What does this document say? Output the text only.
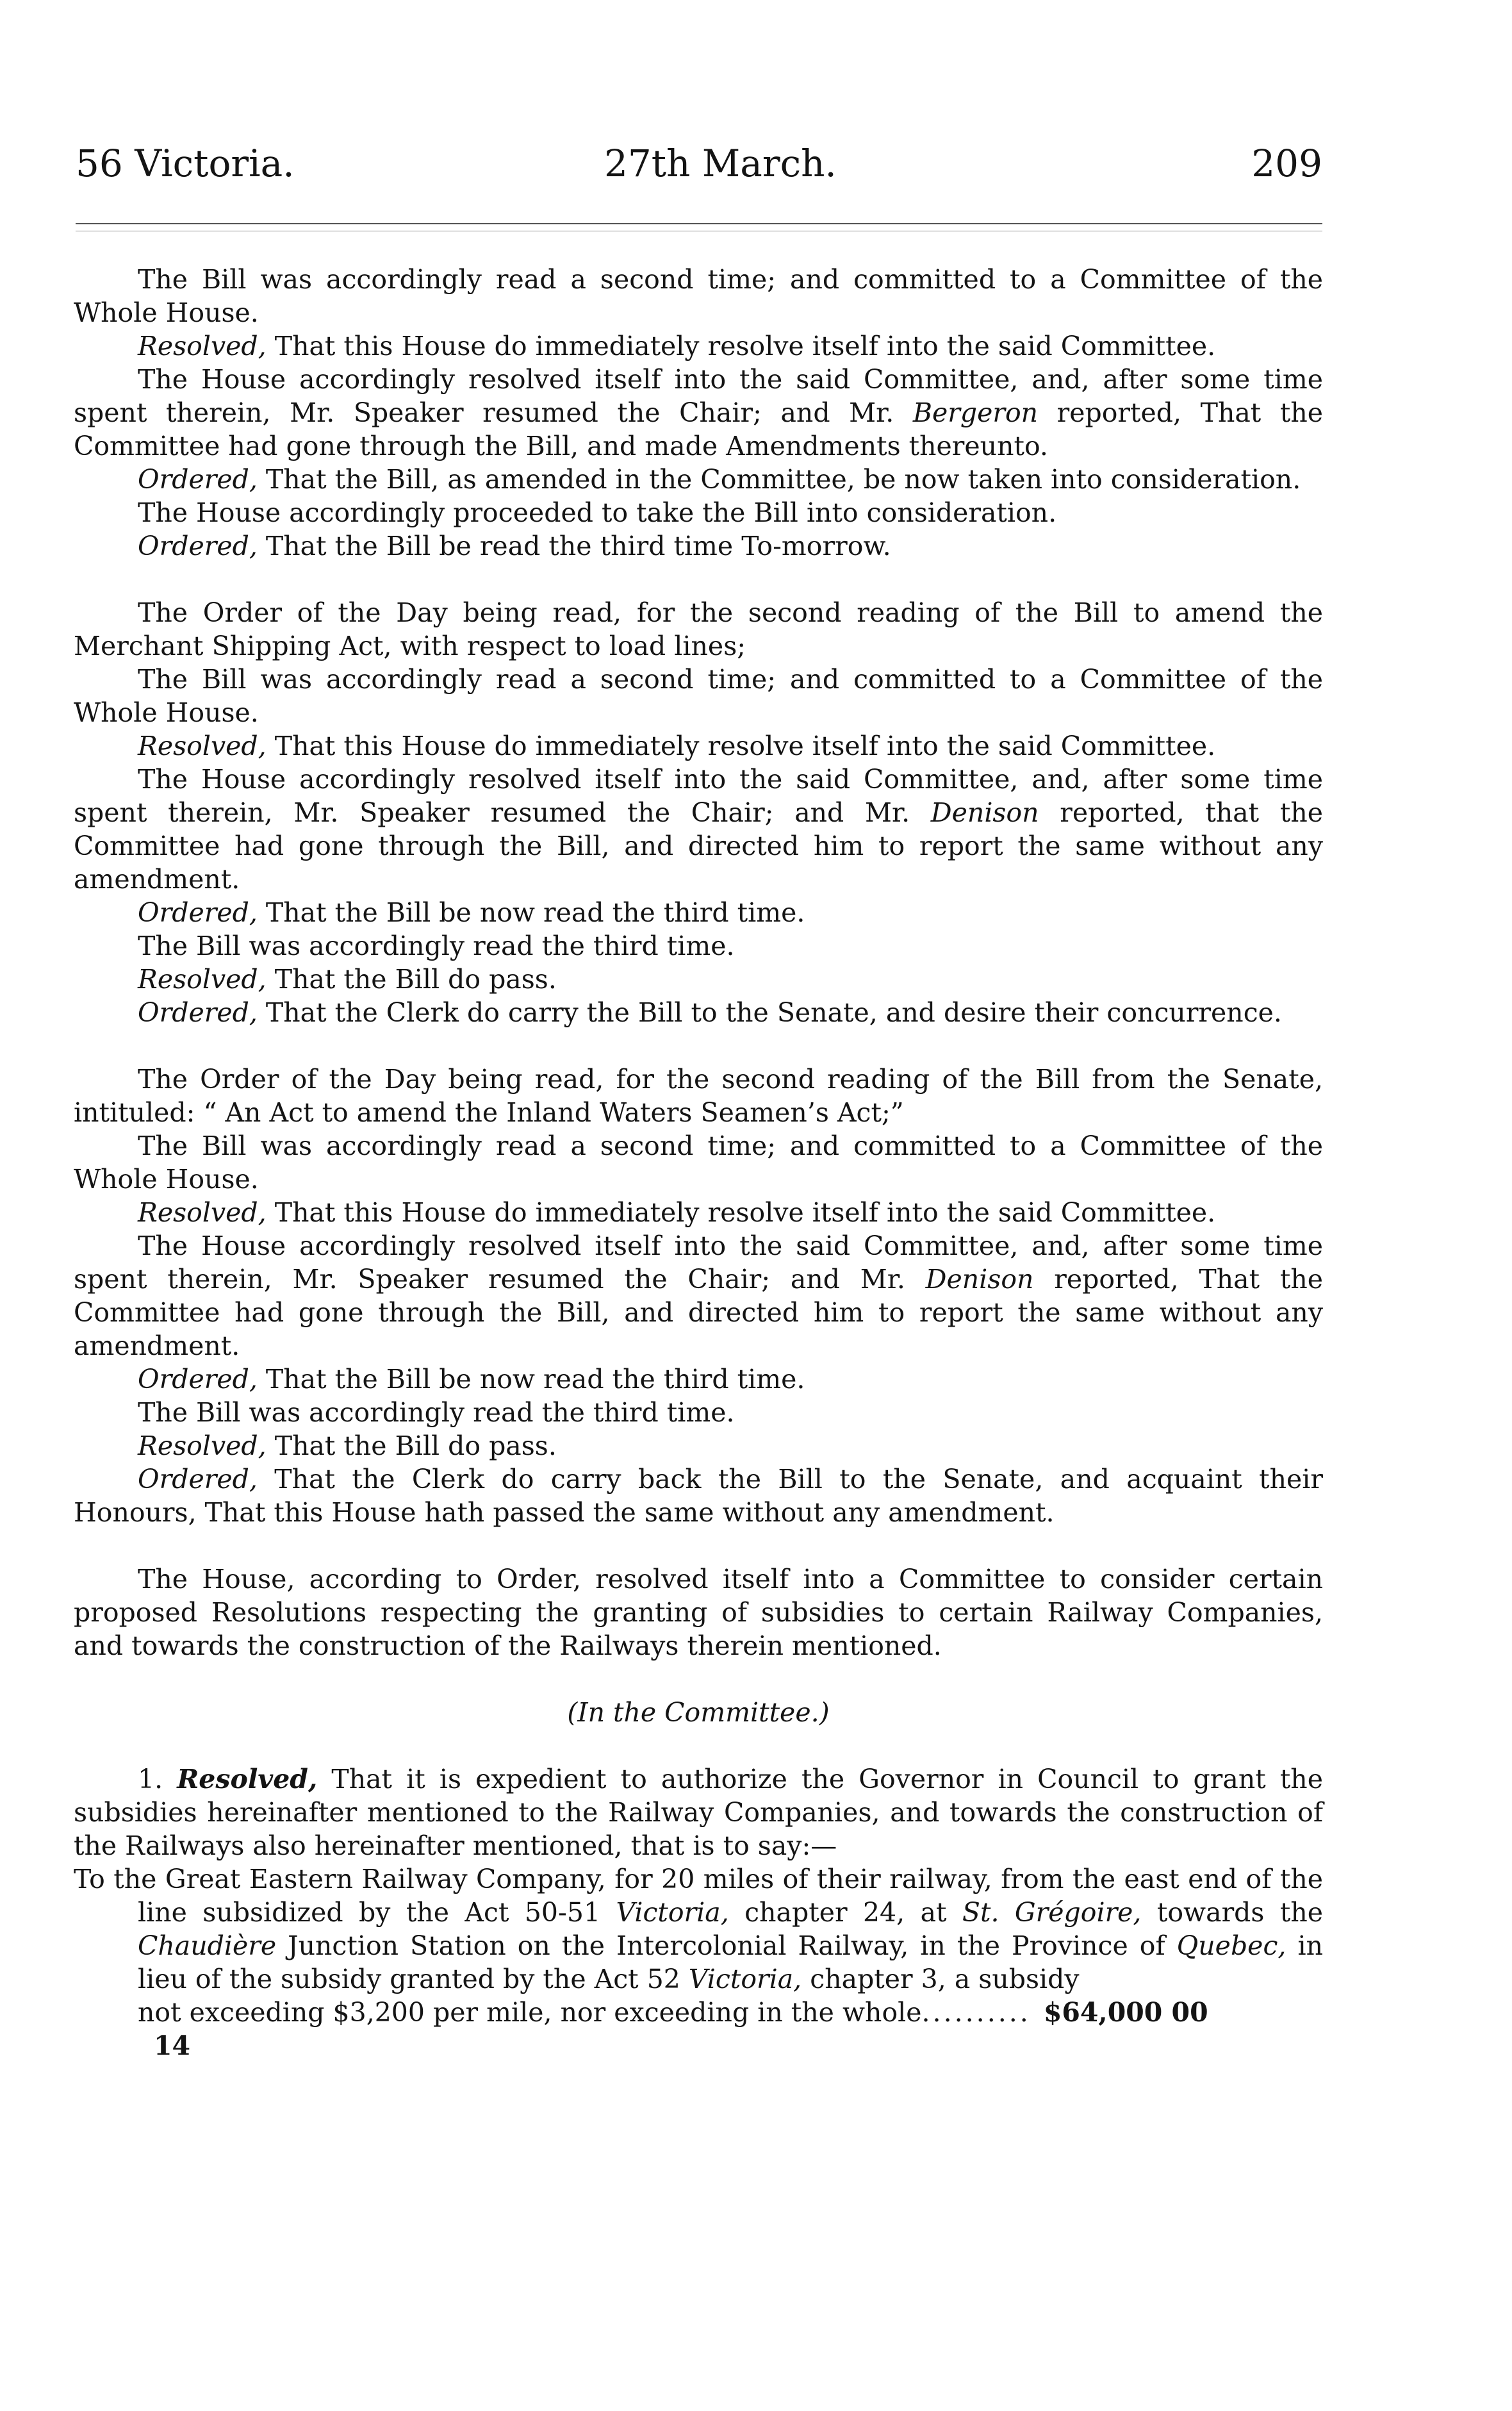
56 Victoria.	27th March.	209

The Bill was accordingly read a second time; and committed to a Committee of the Whole House.

Resolved, That this House do immediately resolve itself into the said Committee.

The House accordingly resolved itself into the said Committee, and, after some time spent therein, Mr. Speaker resumed the Chair; and Mr. Bergeron reported, That the Committee had gone through the Bill, and made Amendments thereunto.

Ordered, That the Bill, as amended in the Committee, be now taken into consideration.

The House accordingly proceeded to take the Bill into consideration.

Ordered, That the Bill be read the third time To-morrow.

The Order of the Day being read, for the second reading of the Bill to amend the Merchant Shipping Act, with respect to load lines;

The Bill was accordingly read a second time; and committed to a Committee of the Whole House.

Resolved, That this House do immediately resolve itself into the said Committee.

The House accordingly resolved itself into the said Committee, and, after some time spent therein, Mr. Speaker resumed the Chair; and Mr. Denison reported, that the Committee had gone through the Bill, and directed him to report the same without any amendment.

Ordered, That the Bill be now read the third time.

The Bill was accordingly read the third time.

Resolved, That the Bill do pass.

Ordered, That the Clerk do carry the Bill to the Senate, and desire their concurrence.

The Order of the Day being read, for the second reading of the Bill from the Senate, intituled: “ An Act to amend the Inland Waters Seamen’s Act;”

The Bill was accordingly read a second time; and committed to a Committee of the Whole House.

Resolved, That this House do immediately resolve itself into the said Committee.

The House accordingly resolved itself into the said Committee, and, after some time spent therein, Mr. Speaker resumed the Chair; and Mr. Denison reported, That the Committee had gone through the Bill, and directed him to report the same without any amendment.

Ordered, That the Bill be now read the third time.

The Bill was accordingly read the third time.

Resolved, That the Bill do pass.

Ordered, That the Clerk do carry back the Bill to the Senate, and acquaint their Honours, That this House hath passed the same without any amendment.

The House, according to Order, resolved itself into a Committee to consider certain proposed Resolutions respecting the granting of subsidies to certain Railway Companies, and towards the construction of the Railways therein mentioned.

(In the Committee.)

1. Resolved, That it is expedient to authorize the Governor in Council to grant the subsidies hereinafter mentioned to the Railway Companies, and towards the construction of the Railways also hereinafter mentioned, that is to say:—

To the Great Eastern Railway Company, for 20 miles of their railway, from the east end of the line subsidized by the Act 50-51 Victoria, chapter 24, at St. Grégoire, towards the Chaudière Junction Station on the Intercolonial Railway, in the Province of Quebec, in lieu of the subsidy granted by the Act 52 Victoria, chapter 3, a subsidy
not exceeding $3,200 per mile, nor exceeding in the whole.......... $64,000 00

14
